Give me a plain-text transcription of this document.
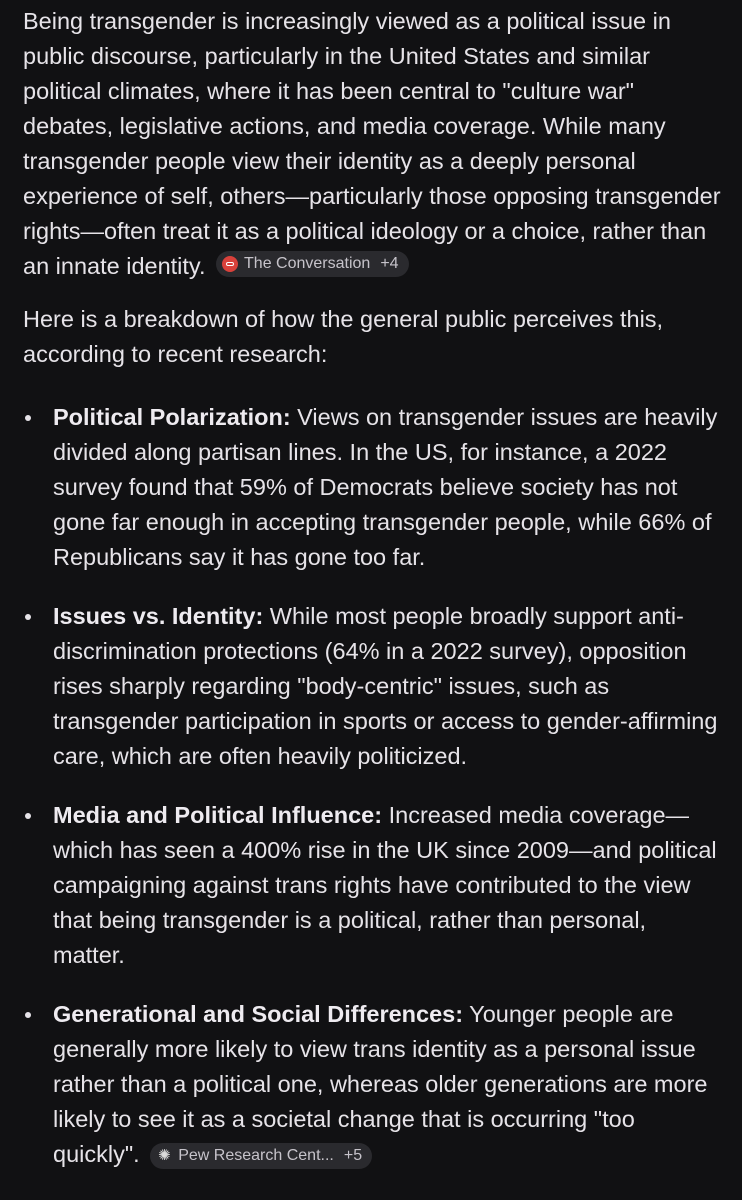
Being transgender is increasingly viewed as a political issue in public discourse, particularly in the United States and similar political climates, where it has been central to "culture war" debates, legislative actions, and media coverage. While many transgender people view their identity as a deeply personal experience of self, others—particularly those opposing transgender rights—often treat it as a political ideology or a choice, rather than an innate identity. The Conversation +4

Here is a breakdown of how the general public perceives this, according to recent research:

Political Polarization: Views on transgender issues are heavily divided along partisan lines. In the US, for instance, a 2022 survey found that 59% of Democrats believe society has not gone far enough in accepting transgender people, while 66% of Republicans say it has gone too far.
Issues vs. Identity: While most people broadly support anti-discrimination protections (64% in a 2022 survey), opposition rises sharply regarding "body-centric" issues, such as transgender participation in sports or access to gender-affirming care, which are often heavily politicized.
Media and Political Influence: Increased media coverage—which has seen a 400% rise in the UK since 2009—and political campaigning against trans rights have contributed to the view that being transgender is a political, rather than personal, matter.
Generational and Social Differences: Younger people are generally more likely to view trans identity as a personal issue rather than a political one, whereas older generations are more likely to see it as a societal change that is occurring "too quickly". ✺ Pew Research Cent... +5
